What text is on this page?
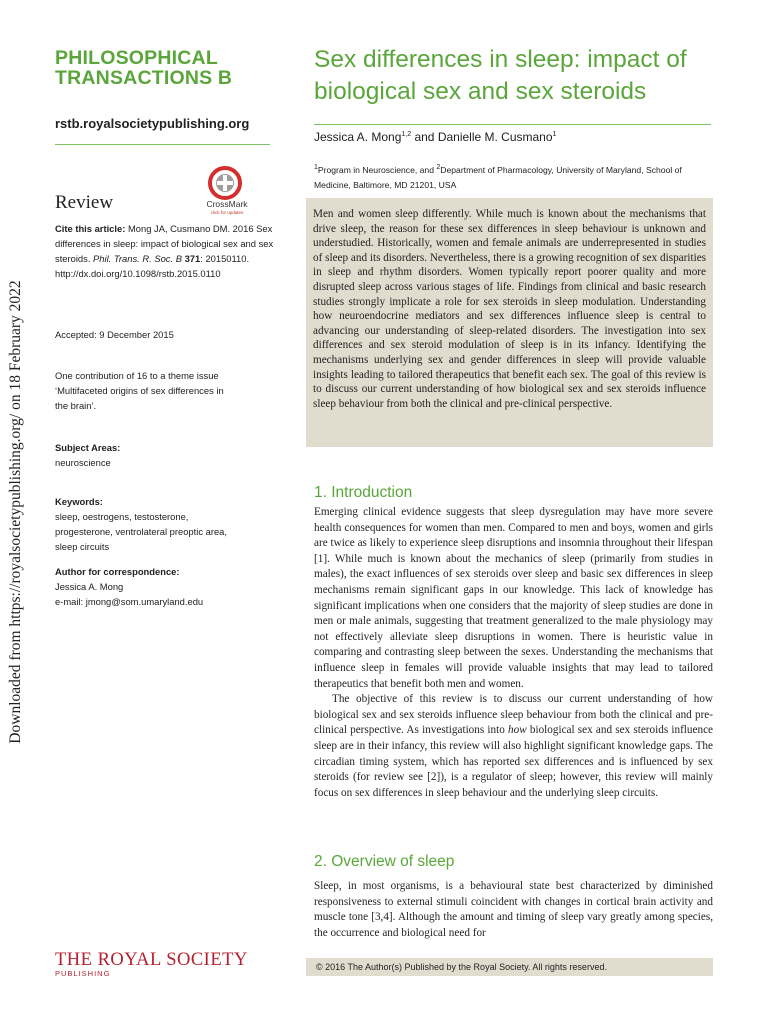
Downloaded from https://royalsocietypublishing.org/ on 18 February 2022
PHILOSOPHICAL
TRANSACTIONS B
rstb.royalsocietypublishing.org
Review	CrossMark
click for updates
Cite this article: Mong JA, Cusmano DM. 2016 Sex differences in sleep: impact of biological sex and sex steroids. Phil. Trans. R. Soc. B 371: 20150110. http://dx.doi.org/10.1098/rstb.2015.0110
Accepted: 9 December 2015
One contribution of 16 to a theme issue ‘Multifaceted origins of sex differences in the brain’.
Subject Areas:
neuroscience
Keywords:
sleep, oestrogens, testosterone, progesterone, ventrolateral preoptic area, sleep circuits
Author for correspondence:
Jessica A. Mong
e-mail: jmong@som.umaryland.edu
Sex differences in sleep: impact of
biological sex and sex steroids
Jessica A. Mong$^{1,2}$ and Danielle M. Cusmano$^1$
$^1$Program in Neuroscience, and $^2$Department of Pharmacology, University of Maryland, School of Medicine, Baltimore, MD 21201, USA
Men and women sleep differently. While much is known about the mechanisms that drive sleep, the reason for these sex differences in sleep behaviour is unknown and understudied. Historically, women and female animals are underrepresented in studies of sleep and its disorders. Nevertheless, there is a growing recognition of sex disparities in sleep and rhythm disorders. Women typically report poorer quality and more disrupted sleep across various stages of life. Findings from clinical and basic research studies strongly implicate a role for sex steroids in sleep modulation. Understanding how neuroendocrine mediators and sex differences influence sleep is central to advancing our understanding of sleep-related disorders. The investigation into sex differences and sex steroid modulation of sleep is in its infancy. Identifying the mechanisms underlying sex and gender differences in sleep will provide valuable insights leading to tailored therapeutics that benefit each sex. The goal of this review is to discuss our current understanding of how biological sex and sex steroids influence sleep behaviour from both the clinical and pre-clinical perspective.
1. Introduction

Emerging clinical evidence suggests that sleep dysregulation may have more severe health consequences for women than men. Compared to men and boys, women and girls are twice as likely to experience sleep disruptions and insomnia throughout their lifespan [1]. While much is known about the mechanics of sleep (primarily from studies in males), the exact influences of sex steroids over sleep and basic sex differences in sleep mechanisms remain significant gaps in our knowledge. This lack of knowledge has significant implications when one considers that the majority of sleep studies are done in men or male animals, suggesting that treatment generalized to the male physiology may not effectively alleviate sleep disruptions in women. There is heuristic value in comparing and contrasting sleep between the sexes. Understanding the mechanisms that influence sleep in females will provide valuable insights that may lead to tailored therapeutics that benefit both men and women.

The objective of this review is to discuss our current understanding of how biological sex and sex steroids influence sleep behaviour from both the clinical and pre-clinical perspective. As investigations into how biological sex and sex steroids influence sleep are in their infancy, this review will also highlight significant knowledge gaps. The circadian timing system, which has reported sex differences and is influenced by sex steroids (for review see [2]), is a regulator of sleep; however, this review will mainly focus on sex differences in sleep behaviour and the underlying sleep circuits.

2. Overview of sleep

Sleep, in most organisms, is a behavioural state best characterized by diminished responsiveness to external stimuli coincident with changes in cortical brain activity and muscle tone [3,4]. Although the amount and timing of sleep vary greatly among species, the occurrence and biological need for

THE ROYAL SOCIETY
PUBLISHING
© 2016 The Author(s) Published by the Royal Society. All rights reserved.
